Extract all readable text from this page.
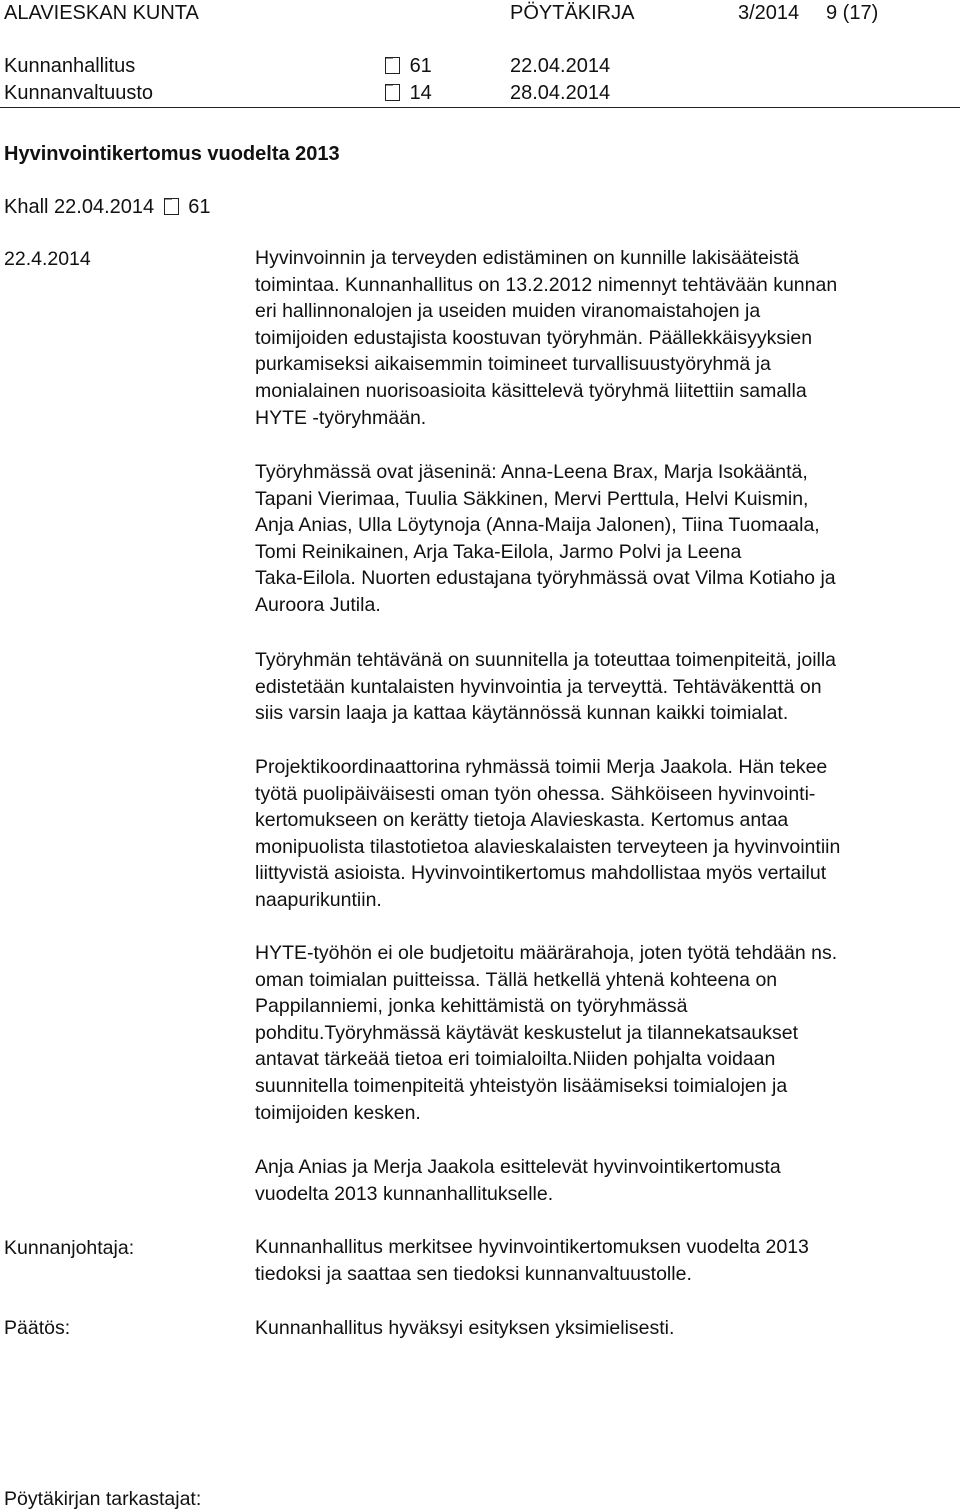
ALAVIESKAN KUNTA	PÖYTÄKIRJA	3/2014 9 (17)
Kunnanhallitus	61	22.04.2014
Kunnanvaltuusto	14	28.04.2014
Hyvinvointikertomus vuodelta 2013
Khall 22.04.2014 61
22.4.2014	Hyvinvoinnin ja terveyden edistäminen on kunnille lakisääteistä
toimintaa. Kunnanhallitus on 13.2.2012 nimennyt tehtävään kunnan
eri hallinnonalojen ja useiden muiden viranomaistahojen ja
toimijoiden edustajista koostuvan työryhmän. Päällekkäisyyksien
purkamiseksi aikaisemmin toimineet turvallisuustyöryhmä ja
monialainen nuorisoasioita käsittelevä työryhmä liitettiin samalla
HYTE -työryhmään.
Työryhmässä ovat jäseninä: Anna-Leena Brax, Marja Isokääntä,
Tapani Vierimaa, Tuulia Säkkinen, Mervi Perttula, Helvi Kuismin,
Anja Anias, Ulla Löytynoja (Anna-Maija Jalonen), Tiina Tuomaala,
Tomi Reinikainen, Arja Taka-Eilola, Jarmo Polvi ja Leena
Taka-Eilola. Nuorten edustajana työryhmässä ovat Vilma Kotiaho ja
Auroora Jutila.
Työryhmän tehtävänä on suunnitella ja toteuttaa toimenpiteitä, joilla
edistetään kuntalaisten hyvinvointia ja terveyttä. Tehtäväkenttä on
siis varsin laaja ja kattaa käytännössä kunnan kaikki toimialat.
Projektikoordinaattorina ryhmässä toimii Merja Jaakola. Hän tekee
työtä puolipäiväisesti oman työn ohessa. Sähköiseen hyvinvointi-
kertomukseen on kerätty tietoja Alavieskasta. Kertomus antaa
monipuolista tilastotietoa alavieskalaisten terveyteen ja hyvinvointiin
liittyvistä asioista. Hyvinvointikertomus mahdollistaa myös vertailut
naapurikuntiin.
HYTE-työhön ei ole budjetoitu määrärahoja, joten työtä tehdään ns.
oman toimialan puitteissa. Tällä hetkellä yhtenä kohteena on
Pappilanniemi, jonka kehittämistä on työryhmässä
pohditu.Työryhmässä käytävät keskustelut ja tilannekatsaukset
antavat tärkeää tietoa eri toimialoilta.Niiden pohjalta voidaan
suunnitella toimenpiteitä yhteistyön lisäämiseksi toimialojen ja
toimijoiden kesken.
Anja Anias ja Merja Jaakola esittelevät hyvinvointikertomusta
vuodelta 2013 kunnanhallitukselle.
Kunnanjohtaja:	Kunnanhallitus merkitsee hyvinvointikertomuksen vuodelta 2013
tiedoksi ja saattaa sen tiedoksi kunnanvaltuustolle.
Päätös:	Kunnanhallitus hyväksyi esityksen yksimielisesti.
Pöytäkirjan tarkastajat:
